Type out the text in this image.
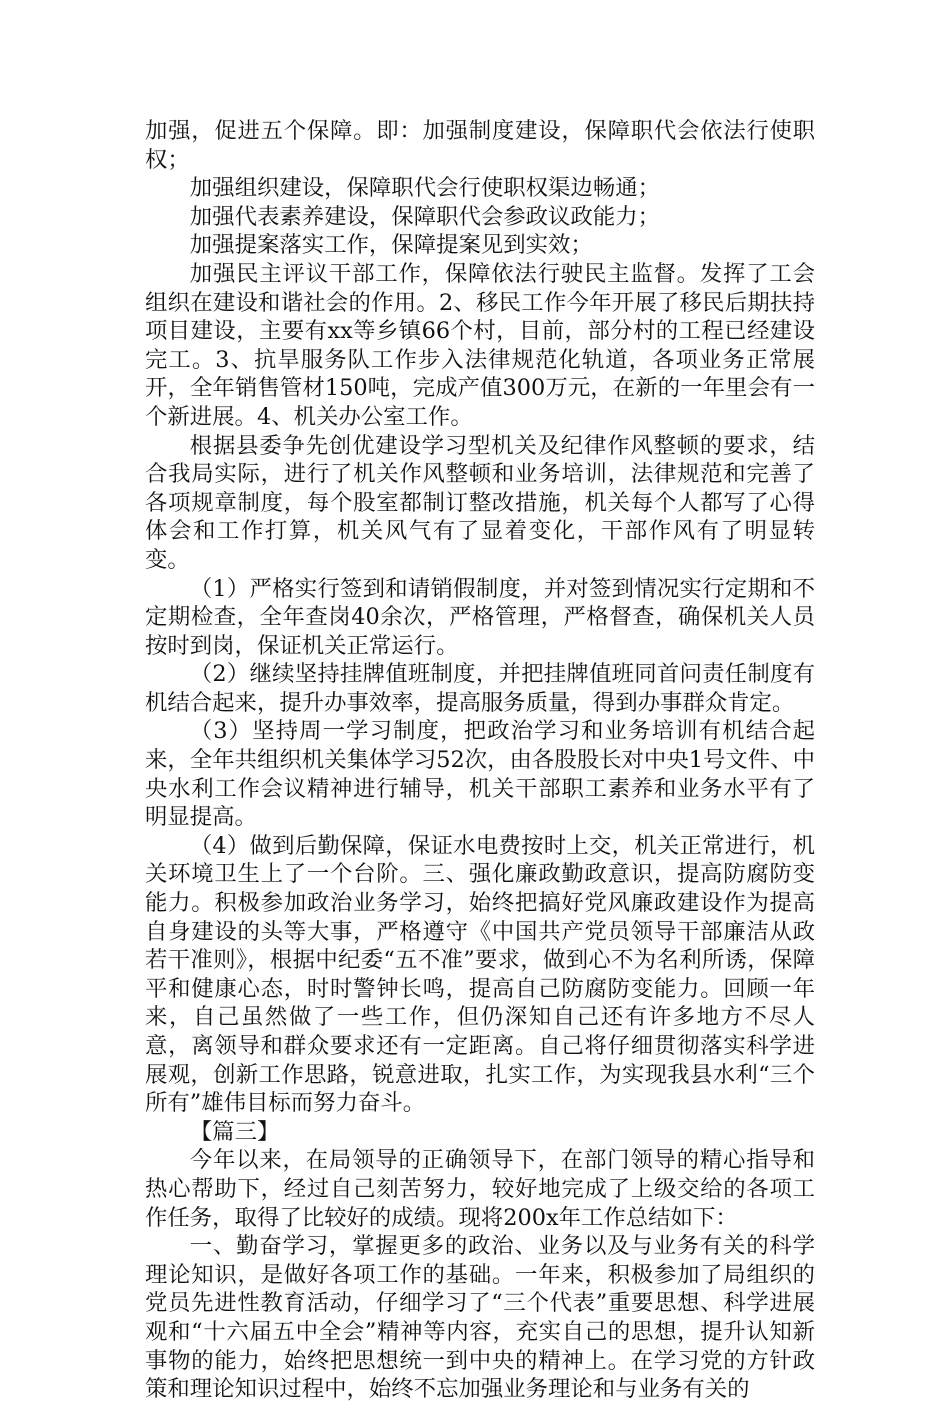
加强，促进五个保障。即：加强制度建设，保障职代会依法行使职权；

加强组织建设，保障职代会行使职权渠边畅通；

加强代表素养建设，保障职代会参政议政能力；

加强提案落实工作，保障提案见到实效；

加强民主评议干部工作，保障依法行驶民主监督。发挥了工会组织在建设和谐社会的作用。2、移民工作今年开展了移民后期扶持项目建设，主要有xx等乡镇66个村，目前，部分村的工程已经建设完工。3、抗旱服务队工作步入法律规范化轨道，各项业务正常展开，全年销售管材150吨，完成产值300万元，在新的一年里会有一个新进展。4、机关办公室工作。

根据县委争先创优建设学习型机关及纪律作风整顿的要求，结合我局实际，进行了机关作风整顿和业务培训，法律规范和完善了各项规章制度，每个股室都制订整改措施，机关每个人都写了心得体会和工作打算，机关风气有了显着变化，干部作风有了明显转变。

（1）严格实行签到和请销假制度，并对签到情况实行定期和不定期检查，全年查岗40余次，严格管理，严格督查，确保机关人员按时到岗，保证机关正常运行。

（2）继续坚持挂牌值班制度，并把挂牌值班同首问责任制度有机结合起来，提升办事效率，提高服务质量，得到办事群众肯定。

（3）坚持周一学习制度，把政治学习和业务培训有机结合起来，全年共组织机关集体学习52次，由各股股长对中央1号文件、中央水利工作会议精神进行辅导，机关干部职工素养和业务水平有了明显提高。

（4）做到后勤保障，保证水电费按时上交，机关正常进行，机关环境卫生上了一个台阶。三、强化廉政勤政意识，提高防腐防变能力。积极参加政治业务学习，始终把搞好党风廉政建设作为提高自身建设的头等大事，严格遵守《中国共产党员领导干部廉洁从政若干准则》，根据中纪委“五不准”要求，做到心不为名利所诱，保障平和健康心态，时时警钟长鸣，提高自己防腐防变能力。回顾一年来，自己虽然做了一些工作，但仍深知自己还有许多地方不尽人意，离领导和群众要求还有一定距离。自己将仔细贯彻落实科学进展观，创新工作思路，锐意进取，扎实工作，为实现我县水利“三个所有”雄伟目标而努力奋斗。

【篇三】

今年以来，在局领导的正确领导下，在部门领导的精心指导和热心帮助下，经过自己刻苦努力，较好地完成了上级交给的各项工作任务，取得了比较好的成绩。现将200x年工作总结如下：

一、勤奋学习，掌握更多的政治、业务以及与业务有关的科学理论知识，是做好各项工作的基础。一年来，积极参加了局组织的党员先进性教育活动，仔细学习了“三个代表”重要思想、科学进展观和“十六届五中全会”精神等内容，充实自己的思想，提升认知新事物的能力，始终把思想统一到中央的精神上。在学习党的方针政策和理论知识过程中，始终不忘加强业务理论和与业务有关的
